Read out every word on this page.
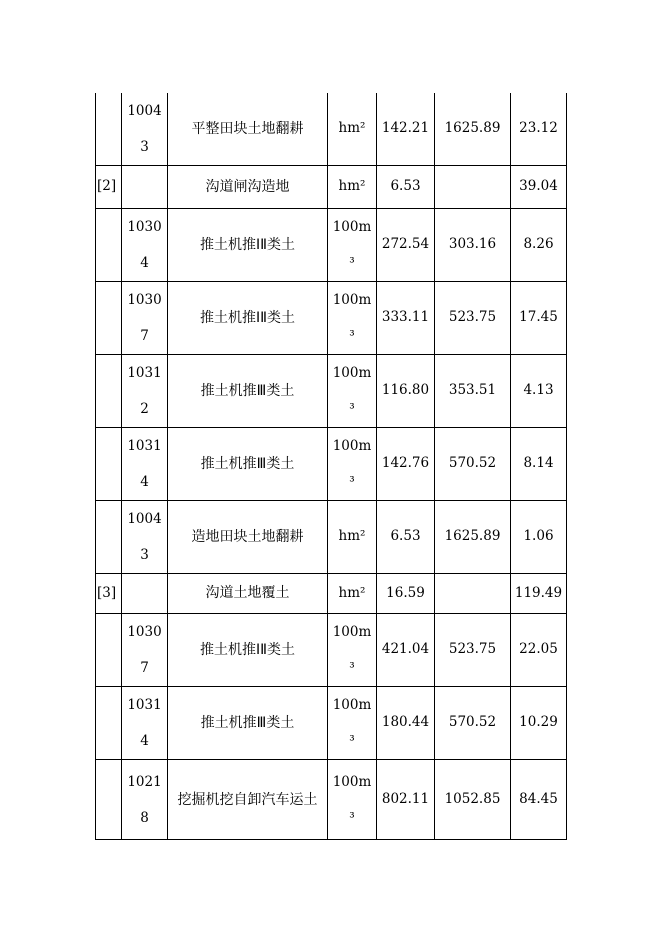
	10043	平整田块土地翻耕	hm²	142.21	1625.89	23.12
[2]		沟道闸沟造地	hm²	6.53		39.04
	10304	推土机推ⅠⅡ类土	100m³	272.54	303.16	8.26
	10307	推土机推ⅠⅡ类土	100m³	333.11	523.75	17.45
	10312	推土机推Ⅲ类土	100m³	116.80	353.51	4.13
	10314	推土机推Ⅲ类土	100m³	142.76	570.52	8.14
	10043	造地田块土地翻耕	hm²	6.53	1625.89	1.06
[3]		沟道土地覆土	hm²	16.59		119.49
	10307	推土机推ⅠⅡ类土	100m³	421.04	523.75	22.05
	10314	推土机推Ⅲ类土	100m³	180.44	570.52	10.29
	10218	挖掘机挖自卸汽车运土	100m³	802.11	1052.85	84.45
